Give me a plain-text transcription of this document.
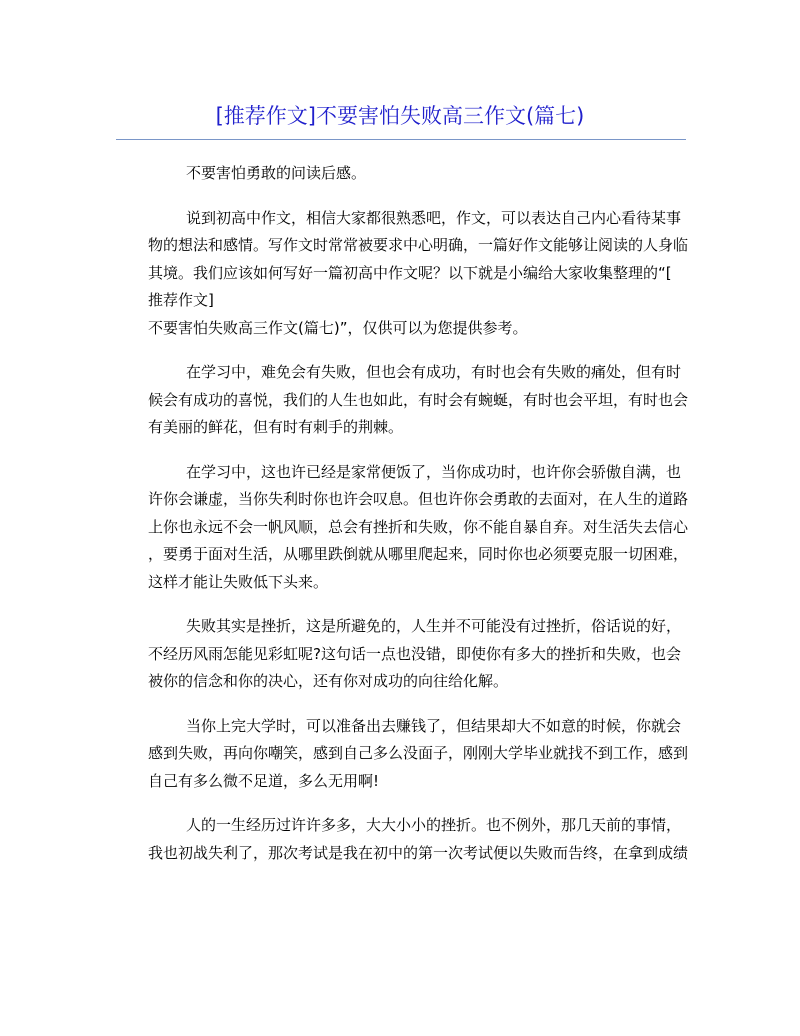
[推荐作文]不要害怕失败高三作文(篇七)
不要害怕勇敢的问读后感。
说到初高中作文，相信大家都很熟悉吧，作文，可以表达自己内心看待某事
物的想法和感情。写作文时常常被要求中心明确，一篇好作文能够让阅读的人身临
其境。我们应该如何写好一篇初高中作文呢？以下就是小编给大家收集整理的“[
推荐作文]
不要害怕失败高三作文(篇七)”，仅供可以为您提供参考。
在学习中，难免会有失败，但也会有成功，有时也会有失败的痛处，但有时
候会有成功的喜悦，我们的人生也如此，有时会有蜿蜒，有时也会平坦，有时也会
有美丽的鲜花，但有时有刺手的荆棘。
在学习中，这也许已经是家常便饭了，当你成功时，也许你会骄傲自满，也
许你会谦虚，当你失利时你也许会叹息。但也许你会勇敢的去面对，在人生的道路
上你也永远不会一帆风顺，总会有挫折和失败，你不能自暴自弃。对生活失去信心
，要勇于面对生活，从哪里跌倒就从哪里爬起来，同时你也必须要克服一切困难，
这样才能让失败低下头来。
失败其实是挫折，这是所避免的，人生并不可能没有过挫折，俗话说的好，
不经历风雨怎能见彩虹呢?这句话一点也没错，即使你有多大的挫折和失败，也会
被你的信念和你的决心，还有你对成功的向往给化解。
当你上完大学时，可以准备出去赚钱了，但结果却大不如意的时候，你就会
感到失败，再向你嘲笑，感到自己多么没面子，刚刚大学毕业就找不到工作，感到
自己有多么微不足道，多么无用啊!
人的一生经历过许许多多，大大小小的挫折。也不例外，那几天前的事情，
我也初战失利了，那次考试是我在初中的第一次考试便以失败而告终，在拿到成绩
